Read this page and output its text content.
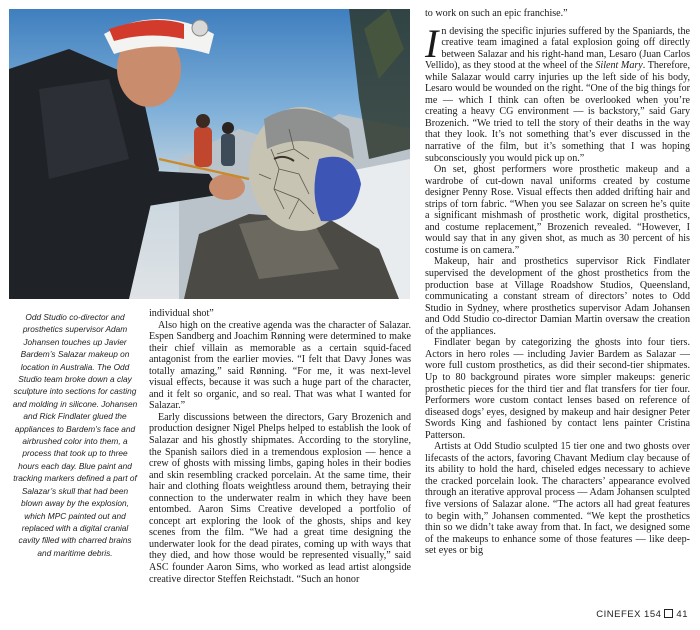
Odd Studio co-director and prosthetics supervisor Adam Johansen touches up Javier Bardem’s Salazar makeup on location in Australia. The Odd Studio team broke down a clay sculpture into sections for casting and molding in silicone. Johansen and Rick Findlater glued the appliances to Bardem’s face and airbrushed color into them, a process that took up to three hours each day. Blue paint and tracking markers defined a part of Salazar’s skull that had been blown away by the explosion, which MPC painted out and replaced with a digital cranial cavity filled with charred brains and maritime debris.

individual shot”

Also high on the creative agenda was the character of Salazar. Espen Sandberg and Joachim Rønning were determined to make their chief villain as memorable as a certain squid-faced antagonist from the earlier movies. “I felt that Davy Jones was totally amazing,” said Rønning. “For me, it was next-level visual effects, because it was such a huge part of the character, and it felt so organic, and so real. That was what I wanted for Salazar.”

Early discussions between the directors, Gary Brozenich and production designer Nigel Phelps helped to establish the look of Salazar and his ghostly shipmates. According to the storyline, the Spanish sailors died in a tremendous explosion — hence a crew of ghosts with missing limbs, gaping holes in their bodies and skin resembling cracked porcelain. At the same time, their hair and clothing floats weightless around them, betraying their connection to the underwater realm in which they have been entombed. Aaron Sims Creative developed a portfolio of concept art exploring the look of the ghosts, ships and key scenes from the film. “We had a great time designing the underwater look for the dead pirates, coming up with ways that they died, and how those would be represented visually,” said ASC founder Aaron Sims, who worked as lead artist alongside creative director Steffen Reichstadt. “Such an honor

to work on such an epic franchise.”

In devising the specific injuries suffered by the Spaniards, the creative team imagined a fatal explosion going off directly between Salazar and his right-hand man, Lesaro (Juan Carlos Vellido), as they stood at the wheel of the Silent Mary. Therefore, while Salazar would carry injuries up the left side of his body, Lesaro would be wounded on the right. “One of the big things for me — which I think can often be overlooked when you’re creating a heavy CG environment — is backstory,” said Gary Brozenich. “We tried to tell the story of their deaths in the way that they look. It’s not something that’s ever discussed in the narrative of the film, but it’s something that I was hoping subconsciously you would pick up on.”

On set, ghost performers wore prosthetic makeup and a wardrobe of cut-down naval uniforms created by costume designer Penny Rose. Visual effects then added drifting hair and strips of torn fabric. “When you see Salazar on screen he’s quite a significant mishmash of prosthetic work, digital prosthetics, and costume replacement,” Brozenich revealed. “However, I would say that in any given shot, as much as 30 percent of his costume is on camera.”

Makeup, hair and prosthetics supervisor Rick Findlater supervised the development of the ghost prosthetics from the production base at Village Roadshow Studios, Queensland, communicating a constant stream of directors’ notes to Odd Studio in Sydney, where prosthetics supervisor Adam Johansen and Odd Studio co-director Damian Martin oversaw the creation of the appliances.

Findlater began by categorizing the ghosts into four tiers. Actors in hero roles — including Javier Bardem as Salazar — wore full custom prosthetics, as did their second-tier shipmates. Up to 80 background pirates wore simpler makeups: generic prosthetic pieces for the third tier and flat transfers for tier four. Performers wore custom contact lenses based on reference of diseased dogs’ eyes, designed by makeup and hair designer Peter Swords King and fashioned by contact lens painter Cristina Patterson.

Artists at Odd Studio sculpted 15 tier one and two ghosts over lifecasts of the actors, favoring Chavant Medium clay because of its ability to hold the hard, chiseled edges necessary to achieve the cracked porcelain look. The characters’ appearance evolved through an iterative approval process — Adam Johansen sculpted five versions of Salazar alone. “The actors all had great features to begin with,” Johansen commented. “We kept the prosthetics thin so we didn’t take away from that. In fact, we designed some of the makeups to enhance some of those features — like deep-set eyes or big

CINEFEX 154 41
